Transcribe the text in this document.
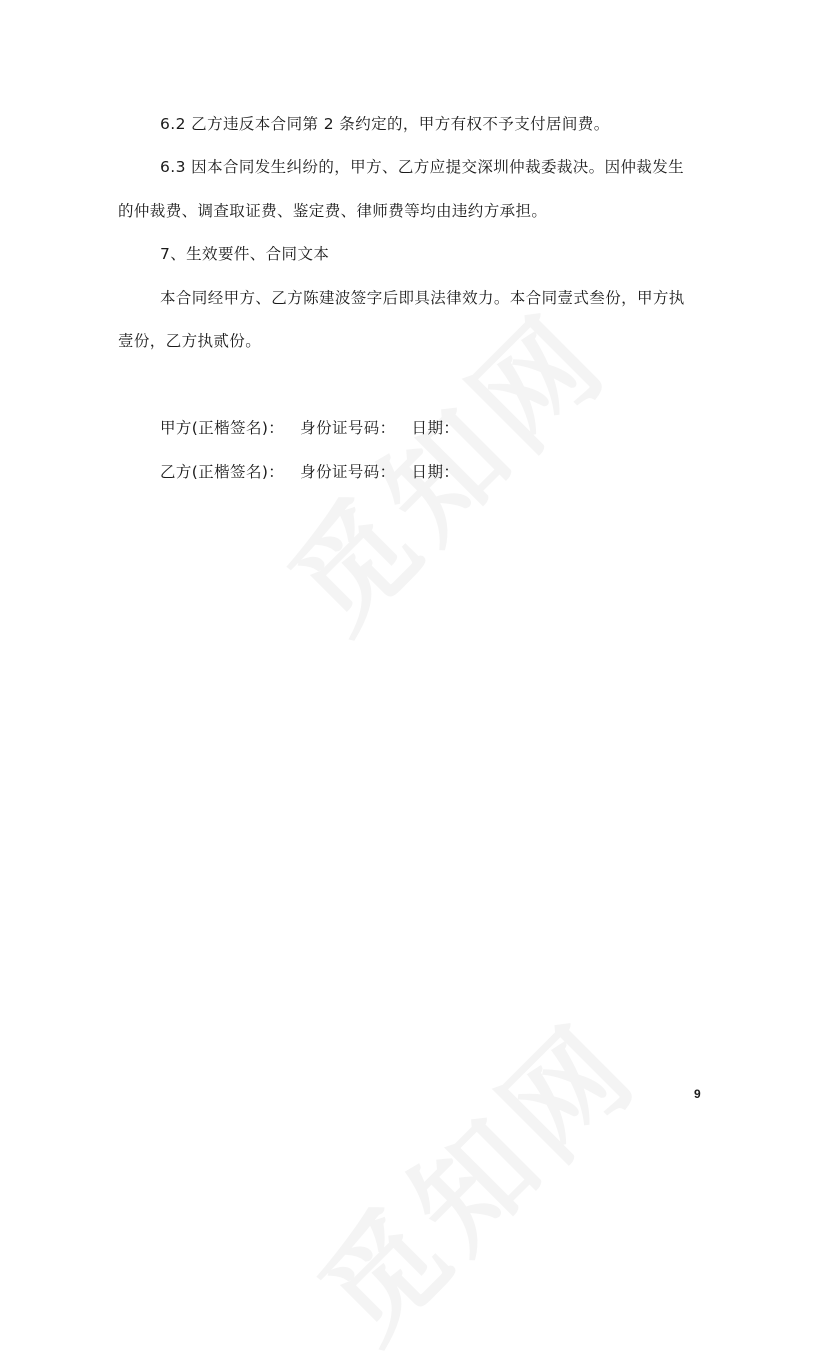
6.2 乙方违反本合同第 2 条约定的，甲方有权不予支付居间费。
6.3 因本合同发生纠纷的，甲方、乙方应提交深圳仲裁委裁决。因仲裁发生
的仲裁费、调查取证费、鉴定费、律师费等均由违约方承担。
7、生效要件、合同文本
本合同经甲方、乙方陈建波签字后即具法律效力。本合同壹式叁份，甲方执
壹份，乙方执贰份。
甲方(正楷签名)：   身份证号码：   日期：
乙方(正楷签名)：   身份证号码：   日期：
9
